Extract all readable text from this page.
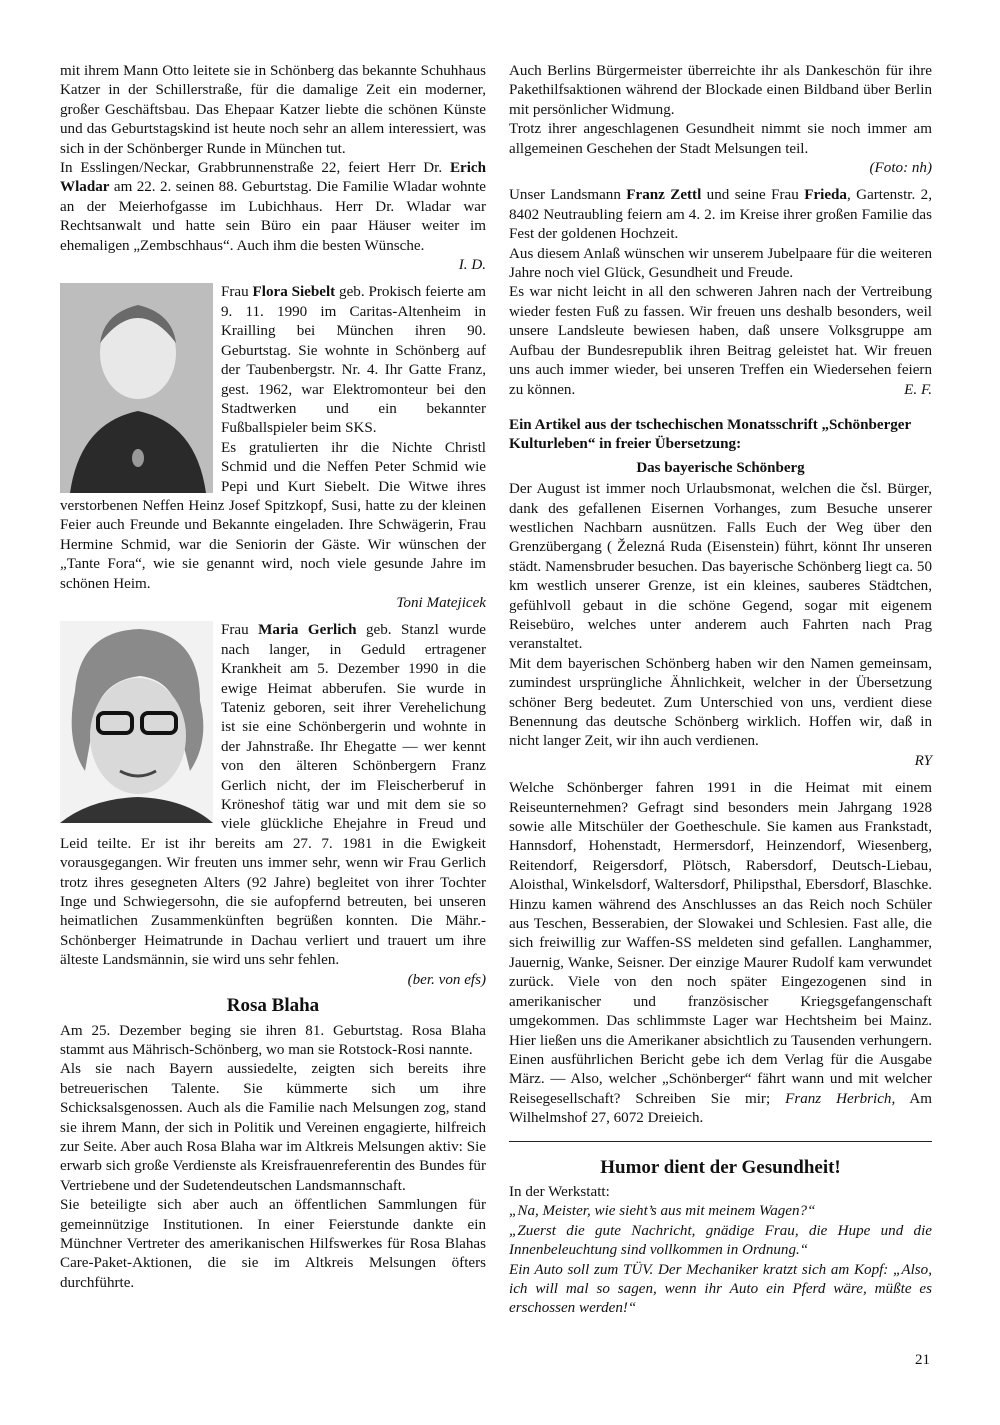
mit ihrem Mann Otto leitete sie in Schönberg das bekannte Schuhhaus Katzer in der Schillerstraße, für die damalige Zeit ein moderner, großer Geschäftsbau. Das Ehepaar Katzer liebte die schönen Künste und das Geburtstagskind ist heute noch sehr an allem interessiert, was sich in der Schönberger Runde in München tut.

In Esslingen/Neckar, Grabbrunnenstraße 22, feiert Herr Dr. Erich Wladar am 22. 2. seinen 88. Geburtstag. Die Familie Wladar wohnte an der Meierhofgasse im Lubichhaus. Herr Dr. Wladar war Rechtsanwalt und hatte sein Büro ein paar Häuser weiter im ehemaligen „Zembschhaus“. Auch ihm die besten Wünsche.

I. D.

Frau Flora Siebelt geb. Prokisch feierte am 9. 11. 1990 im Caritas-Altenheim in Krailling bei München ihren 90. Geburtstag. Sie wohnte in Schönberg auf der Taubenbergstr. Nr. 4. Ihr Gatte Franz, gest. 1962, war Elektromonteur bei den Stadtwerken und ein bekannter Fußballspieler beim SKS.

Es gratulierten ihr die Nichte Christl Schmid und die Neffen Peter Schmid wie Pepi und Kurt Siebelt. Die Witwe ihres verstorbenen Neffen Heinz Josef Spitzkopf, Susi, hatte zu der kleinen Feier auch Freunde und Bekannte eingeladen. Ihre Schwägerin, Frau Hermine Schmid, war die Seniorin der Gäste. Wir wünschen der „Tante Fora“, wie sie genannt wird, noch viele gesunde Jahre im schönen Heim.

Toni Matejicek

Frau Maria Gerlich geb. Stanzl wurde nach langer, in Geduld ertragener Krankheit am 5. Dezember 1990 in die ewige Heimat abberufen. Sie wurde in Tateniz geboren, seit ihrer Verehelichung ist sie eine Schönbergerin und wohnte in der Jahnstraße. Ihr Ehegatte — wer kennt von den älteren Schönbergern Franz Gerlich nicht, der im Fleischerberuf in Kröneshof tätig war und mit dem sie so viele glückliche Ehejahre in Freud und Leid teilte. Er ist ihr bereits am 27. 7. 1981 in die Ewigkeit vorausgegangen. Wir freuten uns immer sehr, wenn wir Frau Gerlich trotz ihres gesegneten Alters (92 Jahre) begleitet von ihrer Tochter Inge und Schwiegersohn, die sie aufopfernd betreuten, bei unseren heimatlichen Zusammenkünften begrüßen konnten. Die Mähr.-Schönberger Heimatrunde in Dachau verliert und trauert um ihre älteste Landsmännin, sie wird uns sehr fehlen.

(ber. von efs)

Rosa Blaha

Am 25. Dezember beging sie ihren 81. Geburtstag. Rosa Blaha stammt aus Mährisch-Schönberg, wo man sie Rotstock-Rosi nannte.

Als sie nach Bayern aussiedelte, zeigten sich bereits ihre betreuerischen Talente. Sie kümmerte sich um ihre Schicksalsgenossen. Auch als die Familie nach Melsungen zog, stand sie ihrem Mann, der sich in Politik und Vereinen engagierte, hilfreich zur Seite. Aber auch Rosa Blaha war im Altkreis Melsungen aktiv: Sie erwarb sich große Verdienste als Kreisfrauenreferentin des Bundes für Vertriebene und der Sudetendeutschen Landsmannschaft.

Sie beteiligte sich aber auch an öffentlichen Sammlungen für gemeinnützige Institutionen. In einer Feierstunde dankte ein Münchner Vertreter des amerikanischen Hilfswerkes für Rosa Blahas Care-Paket-Aktionen, die sie im Altkreis Melsungen öfters durchführte.

Auch Berlins Bürgermeister überreichte ihr als Dankeschön für ihre Pakethilfsaktionen während der Blockade einen Bildband über Berlin mit persönlicher Widmung.

Trotz ihrer angeschlagenen Gesundheit nimmt sie noch immer am allgemeinen Geschehen der Stadt Melsungen teil.

(Foto: nh)

Unser Landsmann Franz Zettl und seine Frau Frieda, Gartenstr. 2, 8402 Neutraubling feiern am 4. 2. im Kreise ihrer großen Familie das Fest der goldenen Hochzeit.

Aus diesem Anlaß wünschen wir unserem Jubelpaare für die weiteren Jahre noch viel Glück, Gesundheit und Freude.

Es war nicht leicht in all den schweren Jahren nach der Vertreibung wieder festen Fuß zu fassen. Wir freuen uns deshalb besonders, weil unsere Landsleute bewiesen haben, daß unsere Volksgruppe am Aufbau der Bundesrepublik ihren Beitrag geleistet hat. Wir freuen uns auch immer wieder, bei unseren Treffen ein Wiedersehen feiern zu können.	E. F.

Ein Artikel aus der tschechischen Monatsschrift „Schönberger Kulturleben“ in freier Übersetzung:

Das bayerische Schönberg

Der August ist immer noch Urlaubsmonat, welchen die čsl. Bürger, dank des gefallenen Eisernen Vorhanges, zum Besuche unserer westlichen Nachbarn ausnützen. Falls Euch der Weg über den Grenzübergang ( Železná Ruda (Eisenstein) führt, könnt Ihr unseren städt. Namensbruder besuchen. Das bayerische Schönberg liegt ca. 50 km westlich unserer Grenze, ist ein kleines, sauberes Städtchen, gefühlvoll gebaut in die schöne Gegend, sogar mit eigenem Reisebüro, welches unter anderem auch Fahrten nach Prag veranstaltet.

Mit dem bayerischen Schönberg haben wir den Namen gemeinsam, zumindest ursprüngliche Ähnlichkeit, welcher in der Übersetzung schöner Berg bedeutet. Zum Unterschied von uns, verdient diese Benennung das deutsche Schönberg wirklich. Hoffen wir, daß in nicht langer Zeit, wir ihn auch verdienen.

RY

Welche Schönberger fahren 1991 in die Heimat mit einem Reiseunternehmen? Gefragt sind besonders mein Jahrgang 1928 sowie alle Mitschüler der Goetheschule. Sie kamen aus Frankstadt, Hannsdorf, Hohenstadt, Hermersdorf, Heinzendorf, Wiesenberg, Reitendorf, Reigersdorf, Plötsch, Rabersdorf, Deutsch-Liebau, Aloisthal, Winkelsdorf, Waltersdorf, Philipsthal, Ebersdorf, Blaschke. Hinzu kamen während des Anschlusses an das Reich noch Schüler aus Teschen, Besserabien, der Slowakei und Schlesien. Fast alle, die sich freiwillig zur Waffen-SS meldeten sind gefallen. Langhammer, Jauernig, Wanke, Seisner. Der einzige Maurer Rudolf kam verwundet zurück. Viele von den noch später Eingezogenen sind in amerikanischer und französischer Kriegsgefangenschaft umgekommen. Das schlimmste Lager war Hechtsheim bei Mainz. Hier ließen uns die Amerikaner absichtlich zu Tausenden verhungern. Einen ausführlichen Bericht gebe ich dem Verlag für die Ausgabe März. — Also, welcher „Schönberger“ fährt wann und mit welcher Reisegesellschaft? Schreiben Sie mir; Franz Herbrich, Am Wilhelmshof 27, 6072 Dreieich.

Humor dient der Gesundheit!

In der Werkstatt:

„Na, Meister, wie sieht’s aus mit meinem Wagen?“

„Zuerst die gute Nachricht, gnädige Frau, die Hupe und die Innenbeleuchtung sind vollkommen in Ordnung.“

Ein Auto soll zum TÜV. Der Mechaniker kratzt sich am Kopf: „Also, ich will mal so sagen, wenn ihr Auto ein Pferd wäre, müßte es erschossen werden!“

21
